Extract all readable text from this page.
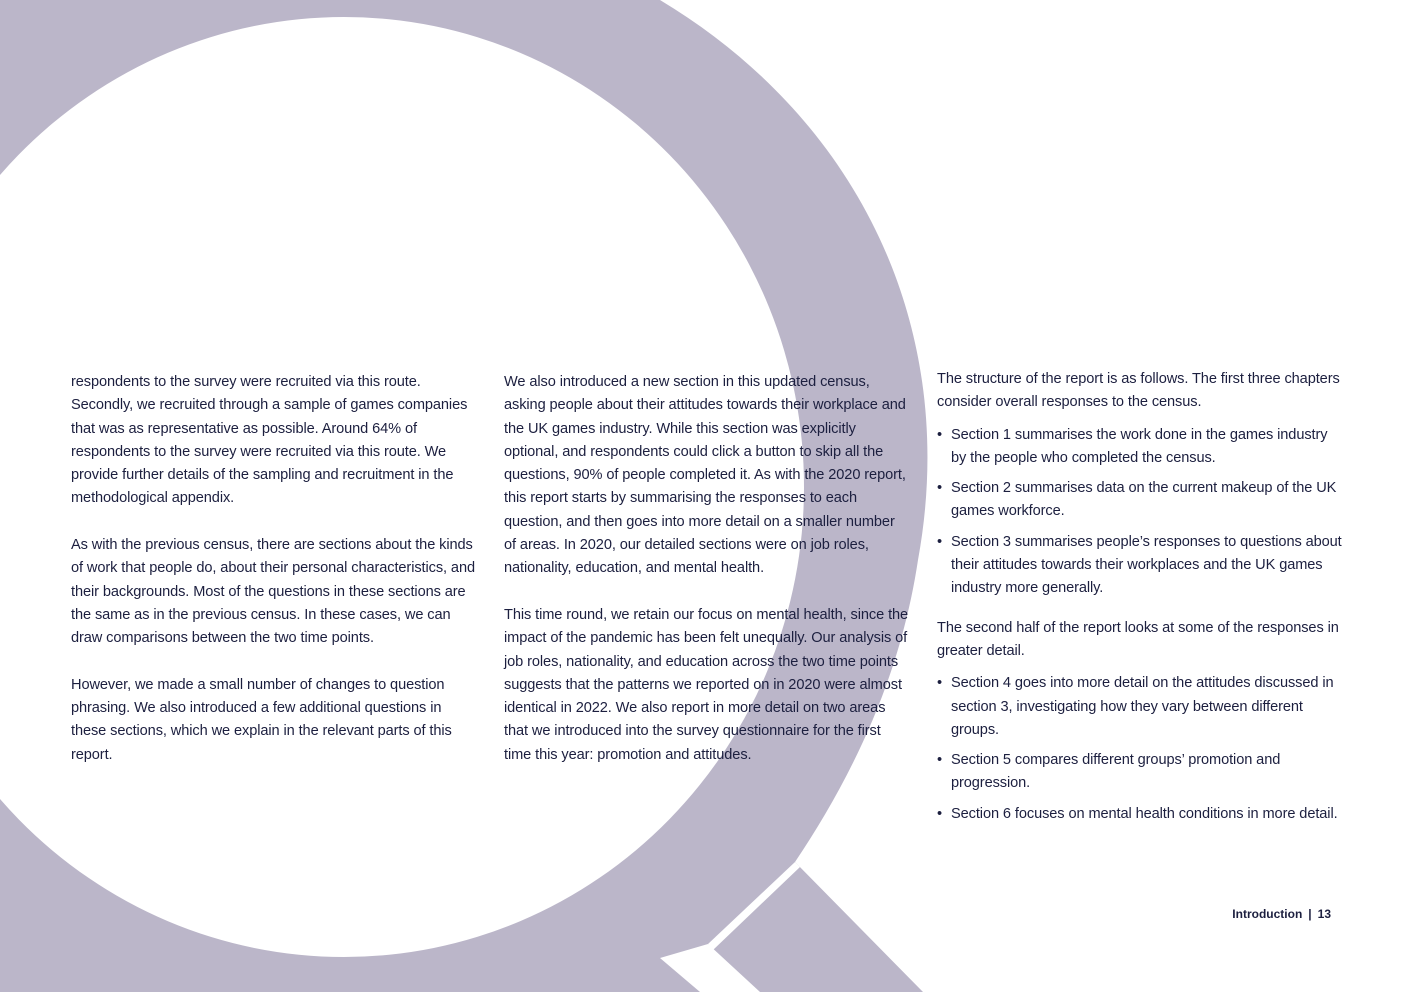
respondents to the survey were recruited via this route. Secondly, we recruited through a sample of games companies that was as representative as possible. Around 64% of respondents to the survey were recruited via this route. We provide further details of the sampling and recruitment in the methodological appendix.

As with the previous census, there are sections about the kinds of work that people do, about their personal characteristics, and their backgrounds. Most of the questions in these sections are the same as in the previous census. In these cases, we can draw comparisons between the two time points.

However, we made a small number of changes to question phrasing. We also introduced a few additional questions in these sections, which we explain in the relevant parts of this report.

We also introduced a new section in this updated census, asking people about their attitudes towards their workplace and the UK games industry. While this section was explicitly optional, and respondents could click a button to skip all the questions, 90% of people completed it. As with the 2020 report, this report starts by summarising the responses to each question, and then goes into more detail on a smaller number of areas. In 2020, our detailed sections were on job roles, nationality, education, and mental health.

This time round, we retain our focus on mental health, since the impact of the pandemic has been felt unequally. Our analysis of job roles, nationality, and education across the two time points suggests that the patterns we reported on in 2020 were almost identical in 2022. We also report in more detail on two areas that we introduced into the survey questionnaire for the first time this year: promotion and attitudes.

The structure of the report is as follows. The first three chapters consider overall responses to the census.

• Section 1 summarises the work done in the games industry by the people who completed the census.
• Section 2 summarises data on the current makeup of the UK games workforce.
• Section 3 summarises people’s responses to questions about their attitudes towards their workplaces and the UK games industry more generally.

The second half of the report looks at some of the responses in greater detail.

• Section 4 goes into more detail on the attitudes discussed in section 3, investigating how they vary between different groups.
• Section 5 compares different groups’ promotion and progression.
• Section 6 focuses on mental health conditions in more detail.
Introduction | 13
